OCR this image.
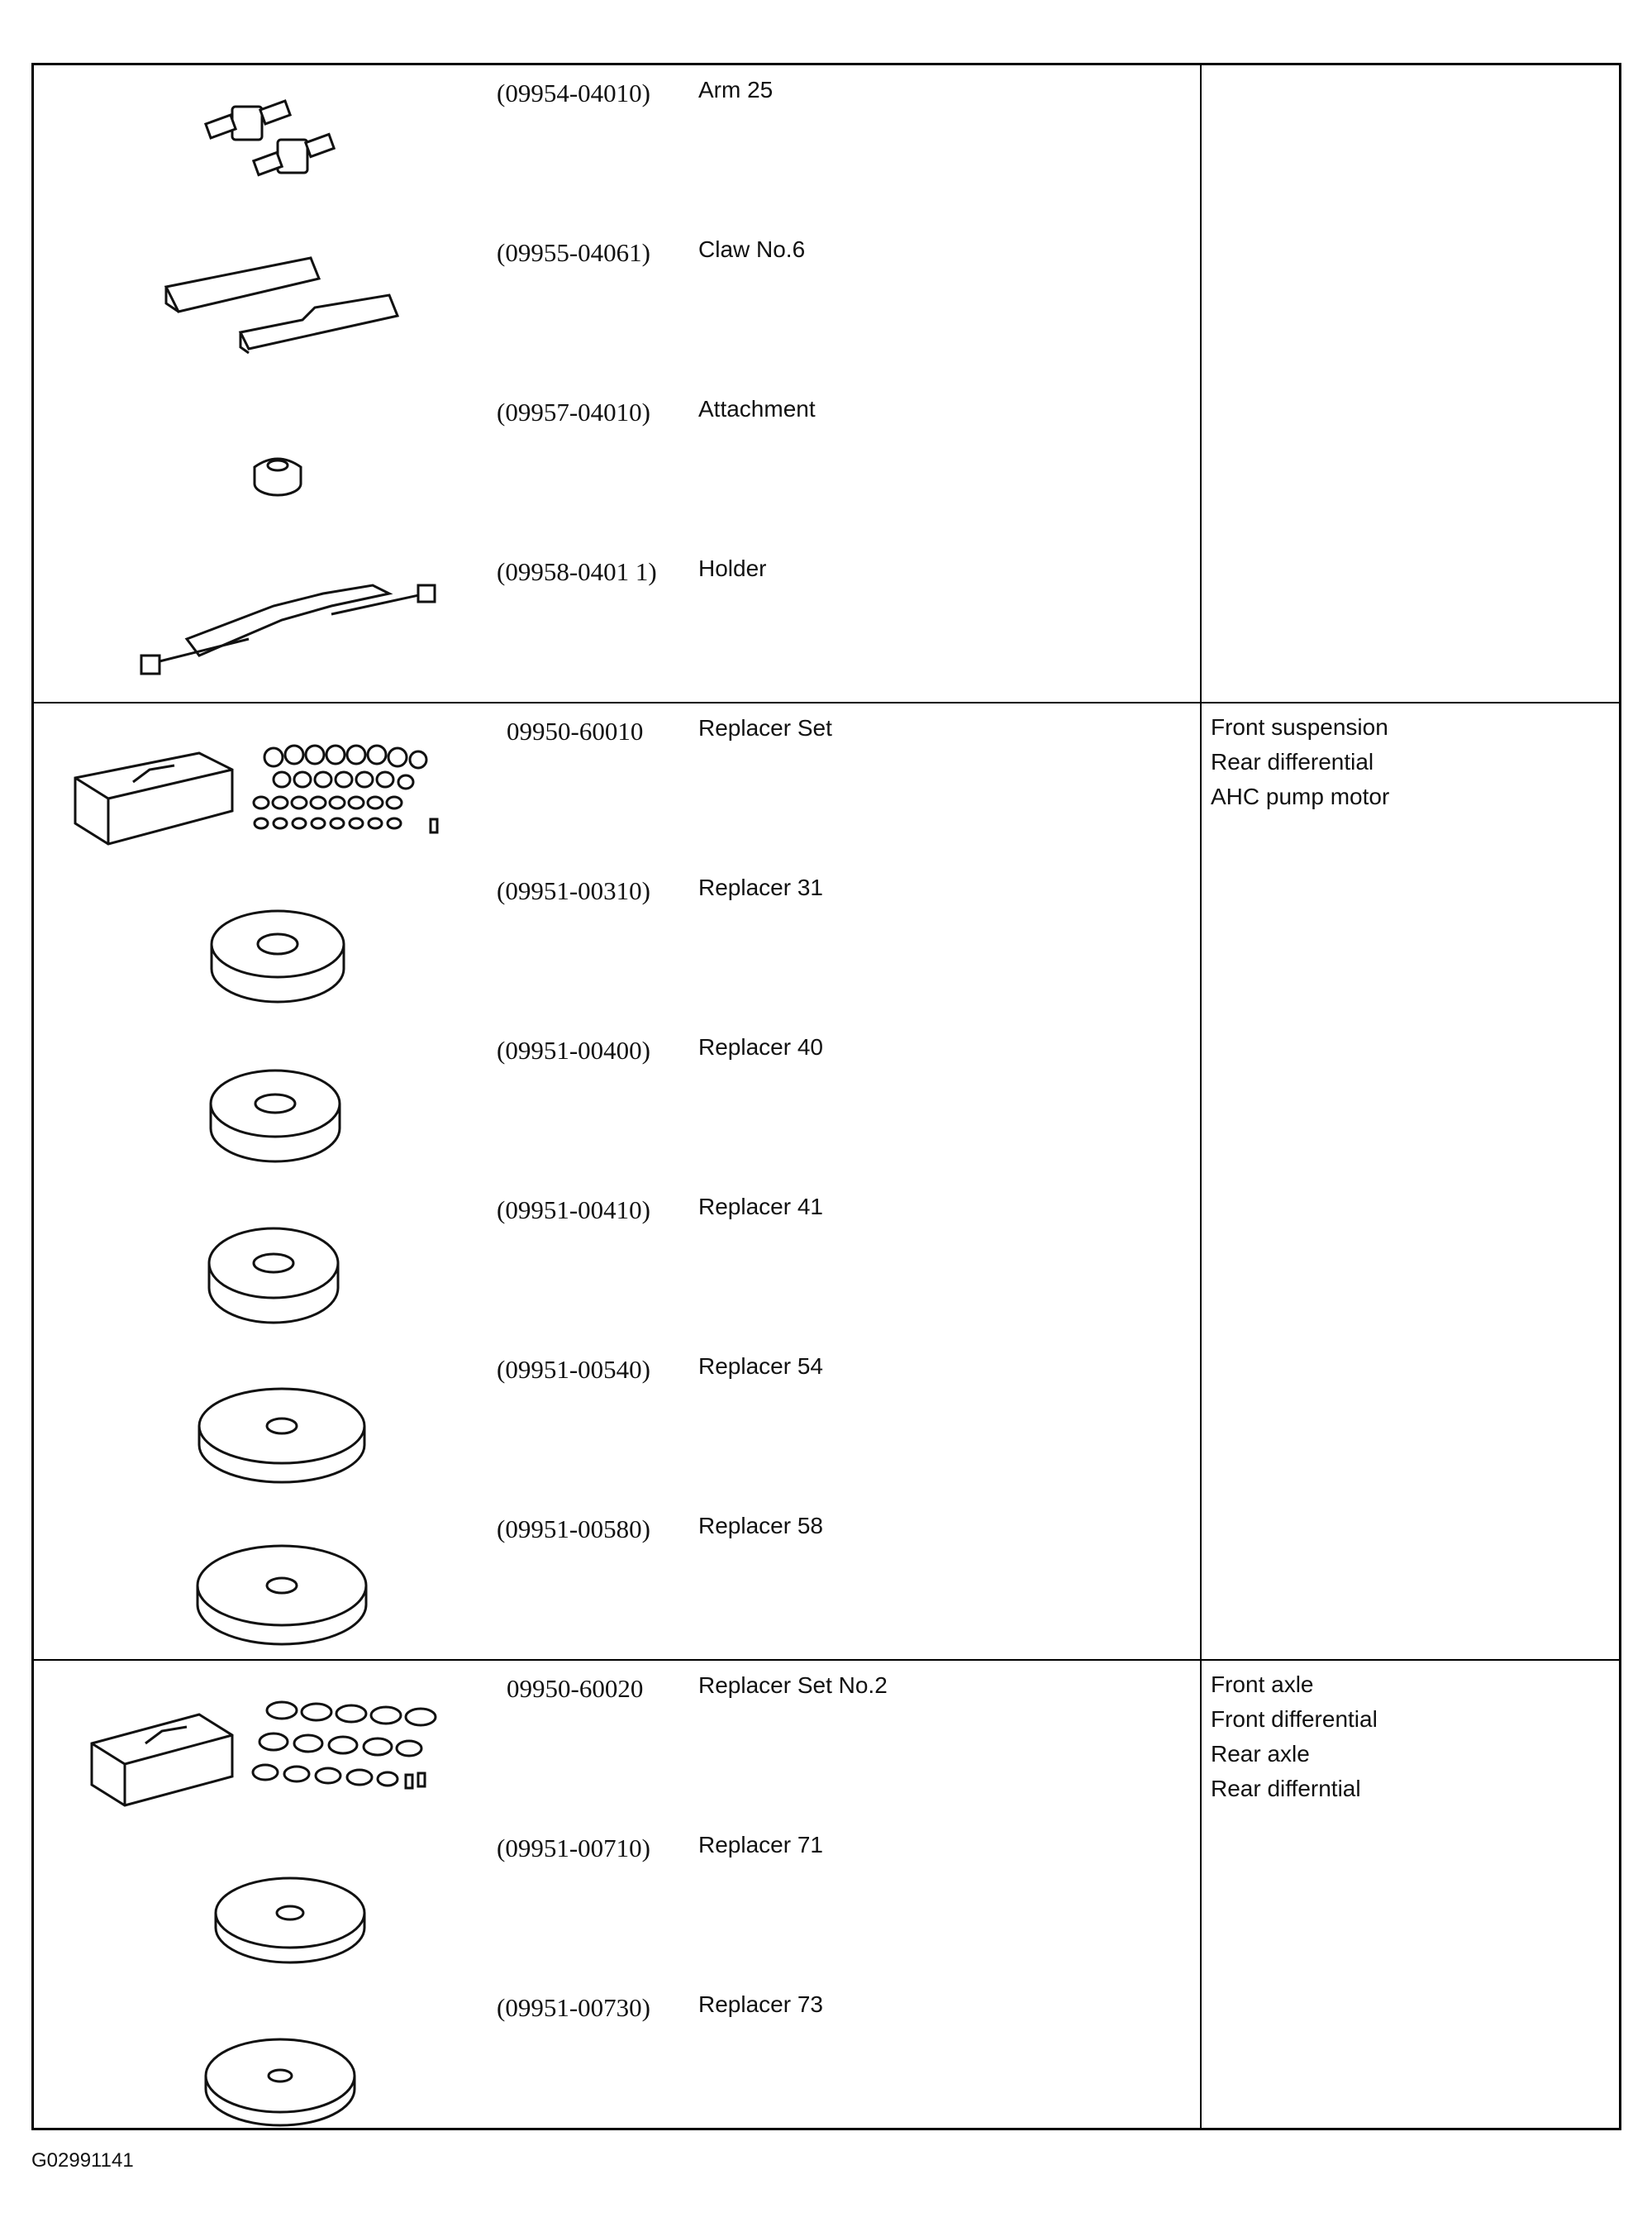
(09954-04010) Arm 25
(09955-04061) Claw No.6
(09957-04010) Attachment
(09958-0401 1) Holder
Front suspension
Rear differential
AHC pump motor
09950-60010 Replacer Set
(09951-00310) Replacer 31
(09951-00400) Replacer 40
(09951-00410) Replacer 41
(09951-00540) Replacer 54
(09951-00580) Replacer 58
Front axle
Front differential
Rear axle
Rear differntial
09950-60020 Replacer Set No.2
(09951-00710) Replacer 71
(09951-00730) Replacer 73
G02991141
